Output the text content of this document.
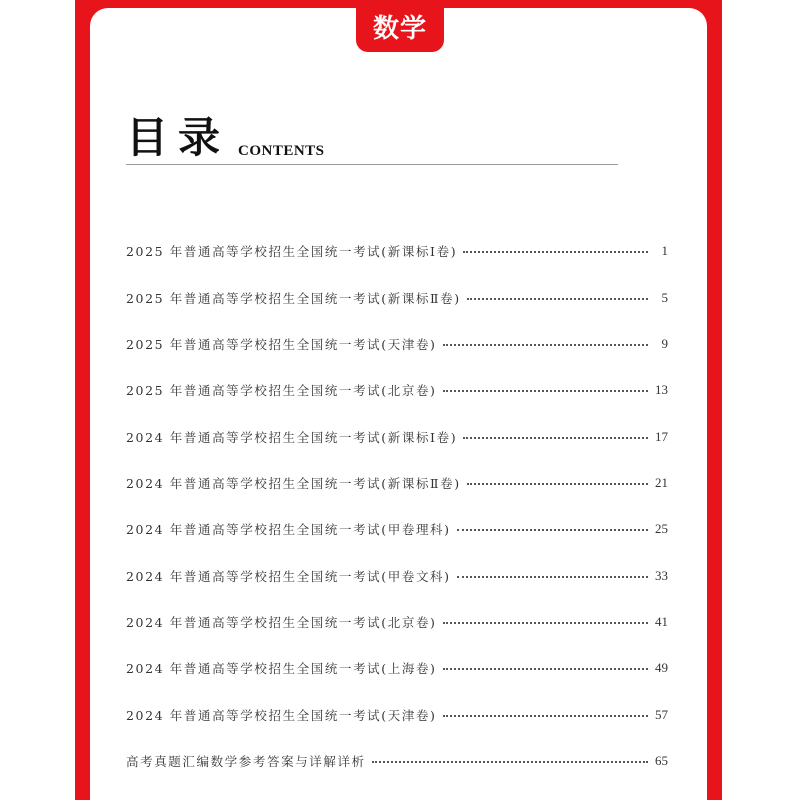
数学
目录 CONTENTS
2025 年普通高等学校招生全国统一考试(新课标Ⅰ卷)	1
2025 年普通高等学校招生全国统一考试(新课标Ⅱ卷)	5
2025 年普通高等学校招生全国统一考试(天津卷)	9
2025 年普通高等学校招生全国统一考试(北京卷)	13
2024 年普通高等学校招生全国统一考试(新课标Ⅰ卷)	17
2024 年普通高等学校招生全国统一考试(新课标Ⅱ卷)	21
2024 年普通高等学校招生全国统一考试(甲卷理科)	25
2024 年普通高等学校招生全国统一考试(甲卷文科)	33
2024 年普通高等学校招生全国统一考试(北京卷)	41
2024 年普通高等学校招生全国统一考试(上海卷)	49
2024 年普通高等学校招生全国统一考试(天津卷)	57
高考真题汇编数学参考答案与详解详析	65
